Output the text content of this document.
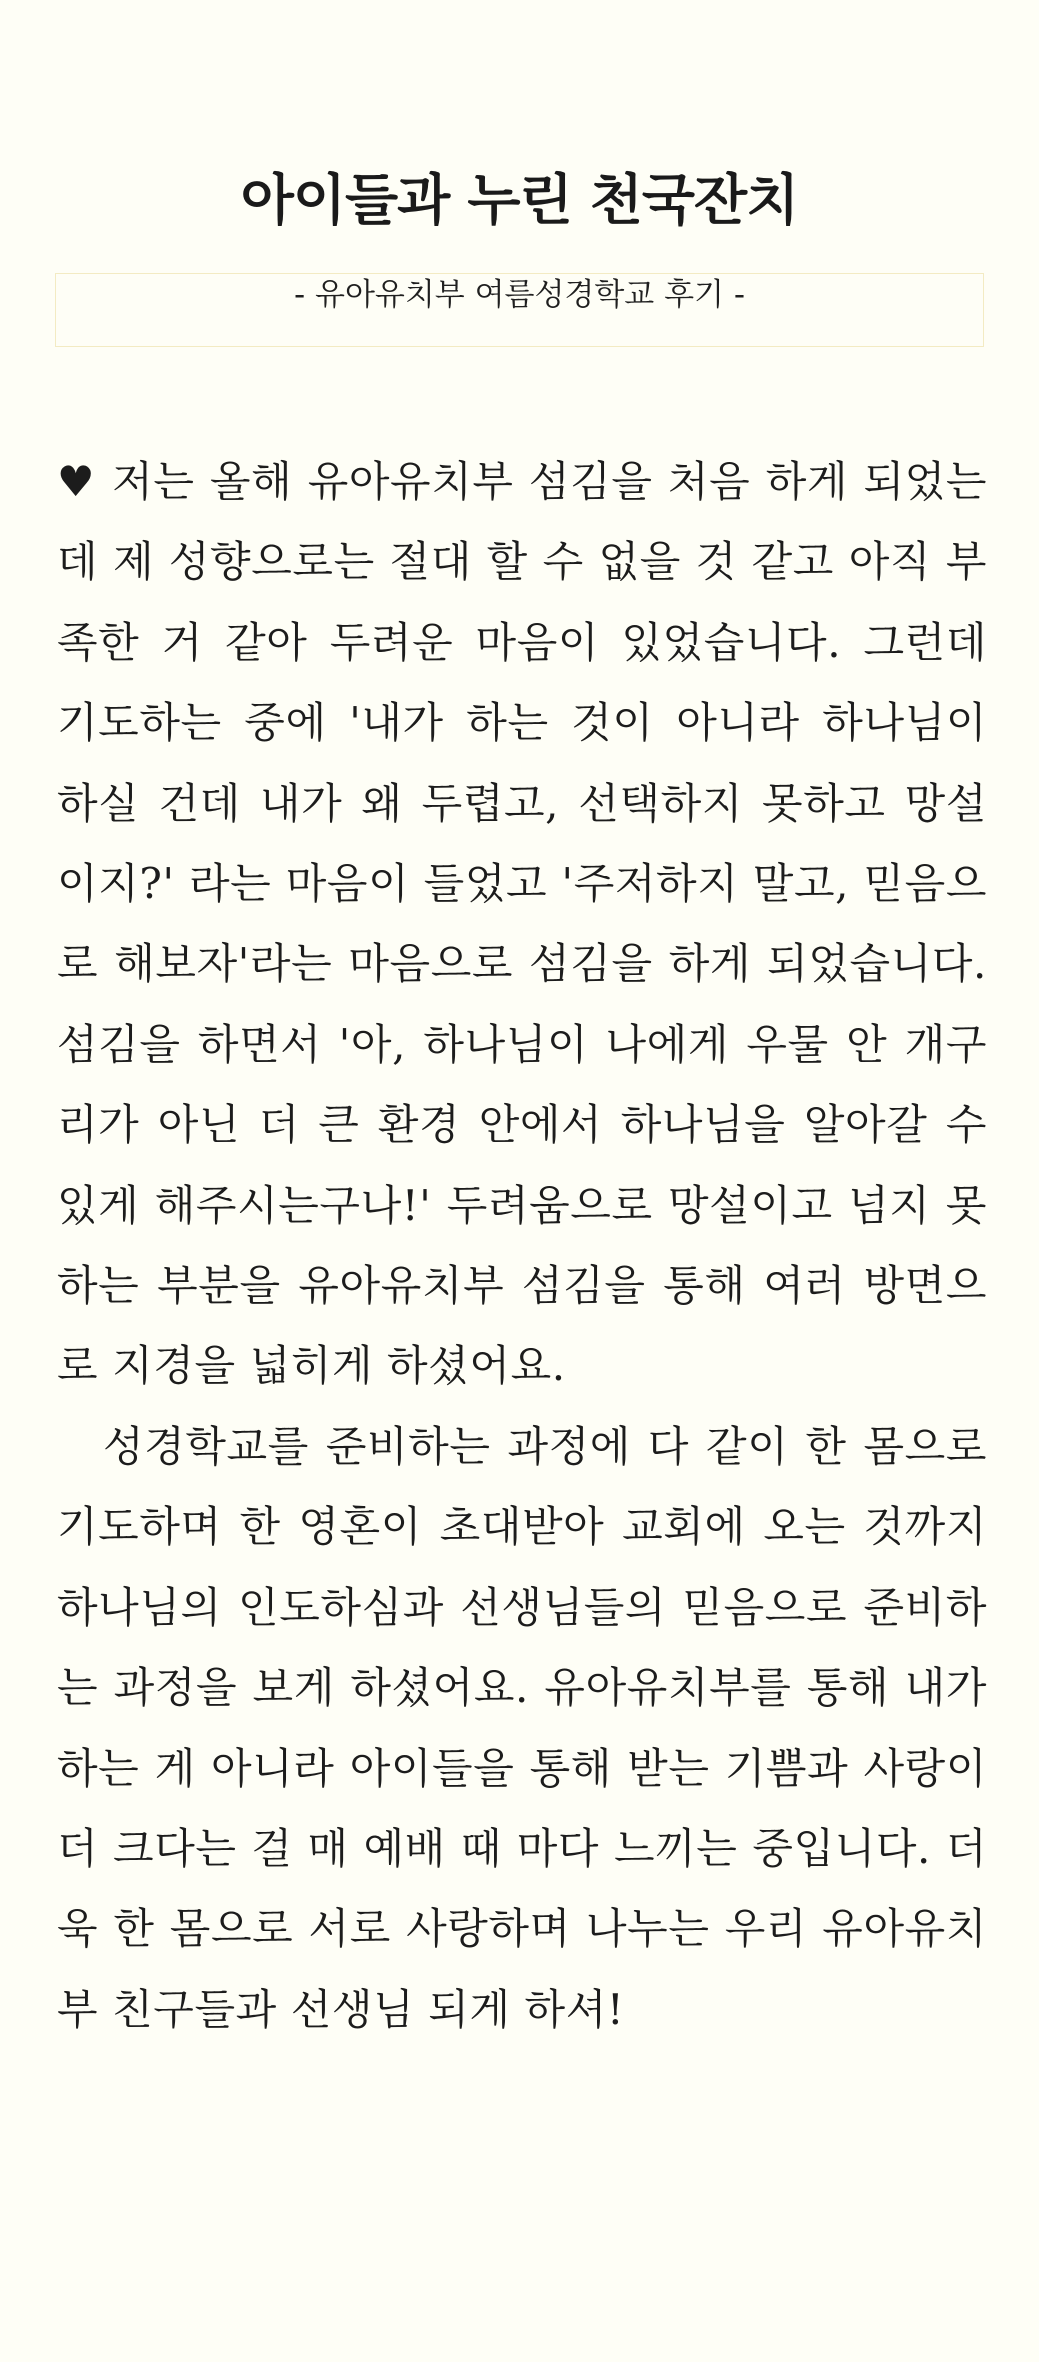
아이들과 누린 천국잔치
- 유아유치부 여름성경학교 후기 -

♥ 저는 올해 유아유치부 섬김을 처음 하게 되었는데 제 성향으로는 절대 할 수 없을 것 같고 아직 부족한 거 같아 두려운 마음이 있었습니다. 그런데 기도하는 중에 '내가 하는 것이 아니라 하나님이 하실 건데 내가 왜 두렵고, 선택하지 못하고 망설이지?' 라는 마음이 들었고 '주저하지 말고, 믿음으로 해보자'라는 마음으로 섬김을 하게 되었습니다. 섬김을 하면서 '아, 하나님이 나에게 우물 안 개구리가 아닌 더 큰 환경 안에서 하나님을 알아갈 수 있게 해주시는구나!' 두려움으로 망설이고 넘지 못하는 부분을 유아유치부 섬김을 통해 여러 방면으로 지경을 넓히게 하셨어요.

성경학교를 준비하는 과정에 다 같이 한 몸으로 기도하며 한 영혼이 초대받아 교회에 오는 것까지 하나님의 인도하심과 선생님들의 믿음으로 준비하는 과정을 보게 하셨어요. 유아유치부를 통해 내가 하는 게 아니라 아이들을 통해 받는 기쁨과 사랑이 더 크다는 걸 매 예배 때 마다 느끼는 중입니다. 더욱 한 몸으로 서로 사랑하며 나누는 우리 유아유치부 친구들과 선생님 되게 하셔!
